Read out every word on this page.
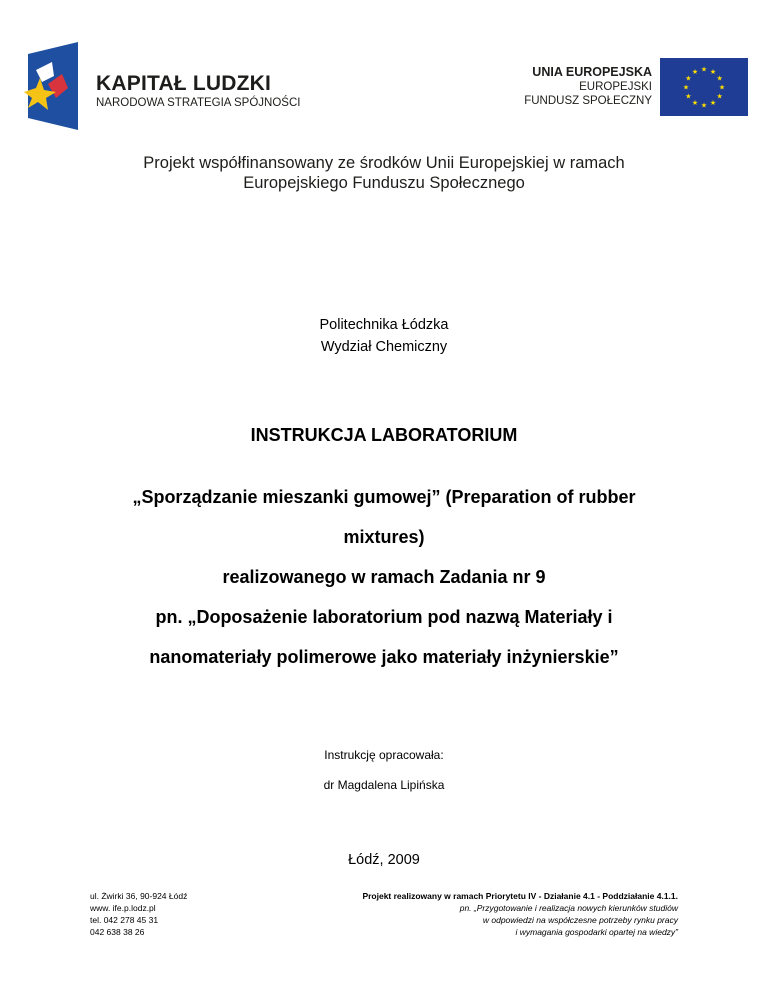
KAPITAŁ LUDZKI
NARODOWA STRATEGIA SPÓJNOŚCI
UNIA EUROPEJSKA
EUROPEJSKI
FUNDUSZ SPOŁECZNY
★ ★
★
★
★
★
★
★
★
★
★
★
Projekt współfinansowany ze środków Unii Europejskiej w ramach
Europejskiego Funduszu Społecznego
Politechnika Łódzka
Wydział Chemiczny
INSTRUKCJA LABORATORIUM
„Sporządzanie mieszanki gumowej” (Preparation of rubber
mixtures)
realizowanego w ramach Zadania nr 9
pn. „Doposażenie laboratorium pod nazwą Materiały i
nanomateriały polimerowe jako materiały inżynierskie”
Instrukcję opracowała:
dr Magdalena Lipińska
Łódź, 2009
ul. Żwirki 36, 90-924 Łódź
www. ife.p.lodz.pl
tel. 042 278 45 31
042 638 38 26
Projekt realizowany w ramach Priorytetu IV - Działanie 4.1 - Poddziałanie 4.1.1.
pn. „Przygotowanie i realizacja nowych kierunków studiów
w odpowiedzi na współczesne potrzeby rynku pracy
i wymagania gospodarki opartej na wiedzy”
